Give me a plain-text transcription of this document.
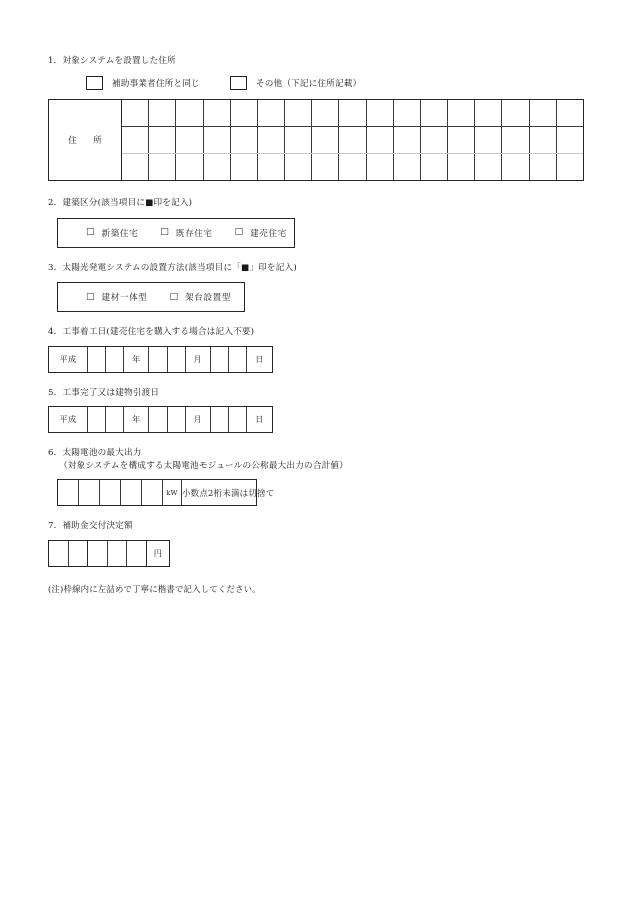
1．対象システムを設置した住所
補助事業者住所と同じ	その他（下記に住所記載）
住　所
2．建築区分(該当項目に■印を記入)
□ 新築住宅 □ 既存住宅 □ 建売住宅
3．太陽光発電システムの設置方法(該当項目に「■」印を記入)
□ 建材一体型 □ 架台設置型
4．工事着工日(建売住宅を購入する場合は記入不要)
平成	年	月	日
5．工事完了又は建物引渡日
平成	年	月	日
6．太陽電池の最大出力
（対象システムを構成する太陽電池モジュールの公称最大出力の合計値）
kW 小数点2桁未満は切捨て
7．補助金交付決定額
円
(注)枠線内に左詰めで丁寧に楷書で記入してください。
